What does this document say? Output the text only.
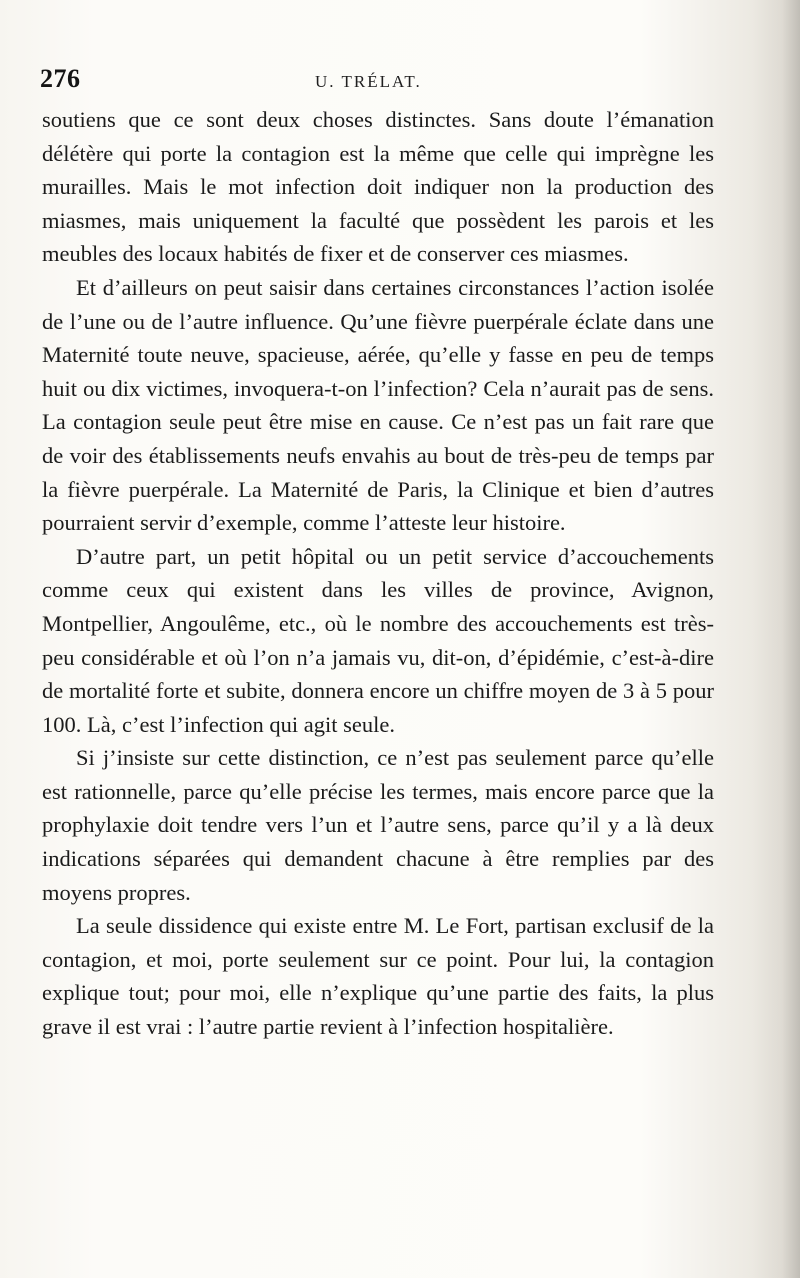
276	U. TRÉLAT.

soutiens que ce sont deux choses distinctes. Sans doute l’émanation délétère qui porte la contagion est la même que celle qui imprègne les murailles. Mais le mot infection doit indiquer non la production des miasmes, mais uniquement la faculté que possèdent les parois et les meubles des locaux habités de fixer et de conserver ces miasmes.

Et d’ailleurs on peut saisir dans certaines circonstances l’action isolée de l’une ou de l’autre influence. Qu’une fièvre puerpérale éclate dans une Maternité toute neuve, spacieuse, aérée, qu’elle y fasse en peu de temps huit ou dix victimes, invoquera-t-on l’infection? Cela n’aurait pas de sens. La contagion seule peut être mise en cause. Ce n’est pas un fait rare que de voir des établissements neufs envahis au bout de très-peu de temps par la fièvre puerpérale. La Maternité de Paris, la Clinique et bien d’autres pourraient servir d’exemple, comme l’atteste leur histoire.

D’autre part, un petit hôpital ou un petit service d’accouchements comme ceux qui existent dans les villes de province, Avignon, Montpellier, Angoulême, etc., où le nombre des accouchements est très-peu considérable et où l’on n’a jamais vu, dit-on, d’épidémie, c’est-à-dire de mortalité forte et subite, donnera encore un chiffre moyen de 3 à 5 pour 100. Là, c’est l’infection qui agit seule.

Si j’insiste sur cette distinction, ce n’est pas seulement parce qu’elle est rationnelle, parce qu’elle précise les termes, mais encore parce que la prophylaxie doit tendre vers l’un et l’autre sens, parce qu’il y a là deux indications séparées qui demandent chacune à être remplies par des moyens propres.

La seule dissidence qui existe entre M. Le Fort, partisan exclusif de la contagion, et moi, porte seulement sur ce point. Pour lui, la contagion explique tout; pour moi, elle n’explique qu’une partie des faits, la plus grave il est vrai : l’autre partie revient à l’infection hospitalière.
